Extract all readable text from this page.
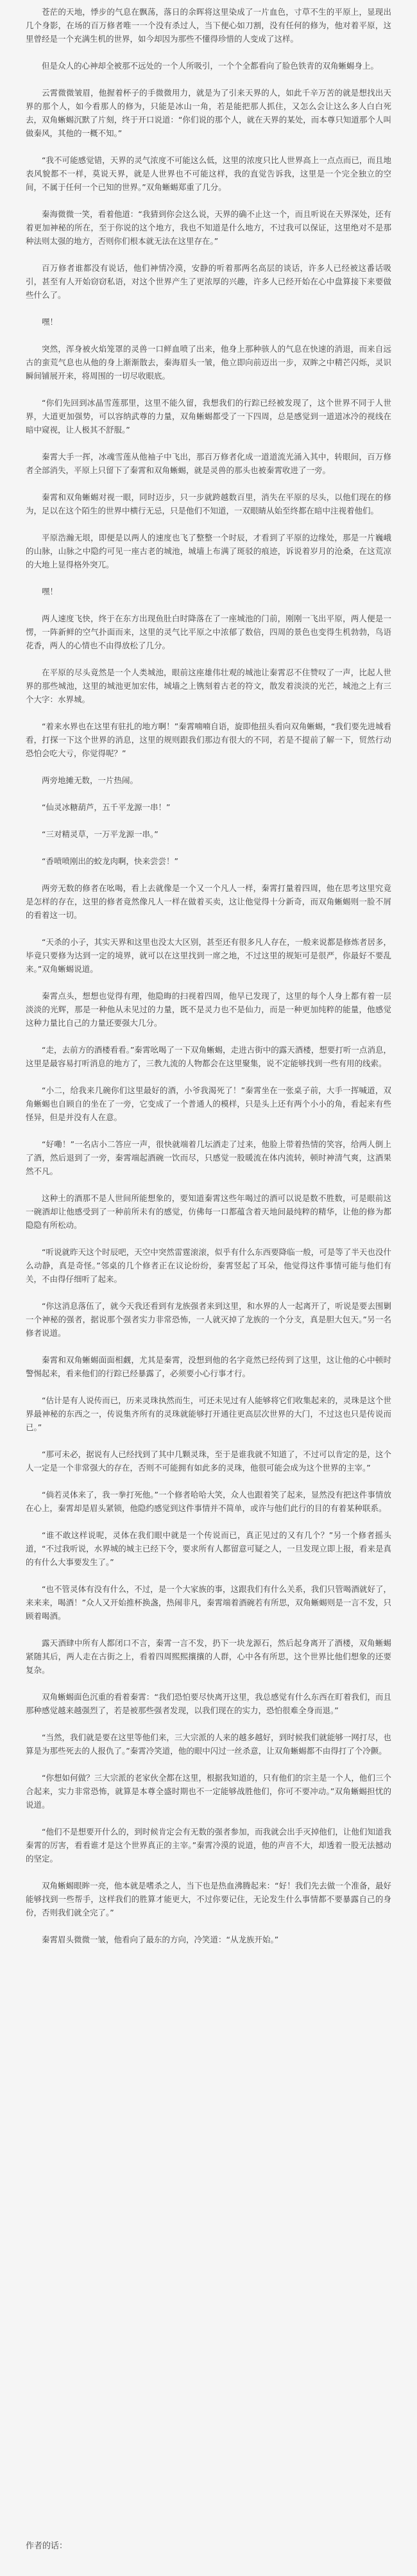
苍茫的天地，悸步的气息在飘荡，落日的余晖将这里染成了一片血色，寸草不生的平原上，显现出几个身影，在场的百万修者唯一一个没有杀过人，当下便心如刀割，没有任何的修为，他对着平原，这里曾经是一个充满生机的世界，如今却因为那些不懂得珍惜的人变成了这样。

但是众人的心神却全被那不远处的一个人所吸引，一个个全都看向了脸色铁青的双角蜥蜴身上。

云霄微微皱眉，他握着杯子的手微微用力，就是为了引来天界的人，如此千辛万苦的就是想找出天界的那个人，如今看那人的修为，只能是冰山一角，若是能把那人抓住，又怎么会让这么多人白白死去，双角蜥蜴沉默了片刻，终于开口说道：“你们说的那个人，就在天界的某处，而本尊只知道那个人叫做秦风，其他的一概不知。”

“我不可能感觉错，天界的灵气浓度不可能这么低，这里的浓度只比人世界高上一点点而已，而且地表风貌都不一样，莫说天界，就是人世界也不可能这样，我的直觉告诉我，这里是一个完全独立的空间，不属于任何一个已知的世界。”双角蜥蜴郑重了几分。

秦海微微一笑，看着他道：“我猜到你会这么说，天界的确不止这一个，而且听说在天界深处，还有着更加神秘的所在，至于你说的这个地方，我也不知道是什么地方，不过我可以保证，这里绝对不是那种法则太强的地方，否则你们根本就无法在这里存在。”

百万修者谁都没有说话，他们神情冷漠，安静的听着那两名高层的谈话，许多人已经被这番话吸引，甚至有人开始窃窃私语，对这个世界产生了更浓厚的兴趣，许多人已经开始在心中盘算接下来要做些什么了。

嘿！

突然，浑身被火焰笼罩的灵兽一口鲜血喷了出来，他身上那种骇人的气息在快速的消退，而来自远古的蛮荒气息也从他的身上渐渐散去，秦海眉头一皱，他立即向前迈出一步，双眸之中精芒闪烁，灵识瞬间铺展开来，将周围的一切尽收眼底。

“你们先回到冰晶雪莲那里，这里不能久留，我想我们的行踪已经被发现了，这个世界不同于人世界，大道更加强势，可以容纳武尊的力量，双角蜥蜴都受了一下四周，总是感觉到一道道冰冷的视线在暗中窥视，让人极其不舒服。”

秦霄大手一挥，冰魂雪莲从他袖子中飞出，那百万修者化成一道道流光涌入其中，转眼间，百万修者全部消失，平原上只留下了秦霄和双角蜥蜴，就是灵兽的那头也被秦霄收进了一旁。

秦霄和双角蜥蜴对视一眼，同时迈步，只一步就跨越数百里，消失在平原的尽头，以他们现在的修为，足以在这个陌生的世界中横行无忌，只是他们不知道，一双眼睛从始至终都在暗中注视着他们。

平原浩瀚无垠，即便是以两人的速度也飞了整整一个时辰，才看到了平原的边缘处，那是一片巍峨的山脉，山脉之中隐约可见一座古老的城池，城墙上布满了斑驳的痕迹，诉说着岁月的沧桑，在这荒凉的大地上显得格外突兀。

嘿！

两人速度飞快，终于在东方出现鱼肚白时降落在了一座城池的门前，刚刚一飞出平原，两人便是一愣，一阵新鲜的空气扑面而来，这里的灵气比平原之中浓郁了数倍，四周的景色也变得生机勃勃，鸟语花香，两人的心情也不由得放松了几分。

在平原的尽头竟然是一个人类城池，眼前这座雄伟壮观的城池让秦霄忍不住赞叹了一声，比起人世界的那些城池，这里的城池更加宏伟，城墙之上镌刻着古老的符文，散发着淡淡的光芒，城池之上有三个大字：水界城。

“着来水界也在这里有驻扎的地方啊！”秦霄喃喃自语，旋即他扭头看向双角蜥蜴，“我们要先进城看看，打探一下这个世界的消息，这里的规则跟我们那边有很大的不同，若是不提前了解一下，贸然行动恐怕会吃大亏，你觉得呢？”

两旁地摊无数，一片热闹。

“仙灵冰糖葫芦，五千平龙源一串！”

“三对精灵草，一万平龙源一串。”

“香喷喷刚出的蛟龙肉啊，快来尝尝！”

两旁无数的修者在吆喝，看上去就像是一个又一个凡人一样，秦霄打量着四周，他在思考这里究竟是怎样的存在，这里的修者竟然像凡人一样在做着买卖，这让他觉得十分新奇，而双角蜥蜴则一脸不屑的看着这一切。

“天杀的小子，其实天界和这里也没太大区别，甚至还有很多凡人存在，一般来说都是修炼者居多，毕竟只要修为达到一定的境界，就可以在这里找到一席之地，不过这里的规矩可是很严，你最好不要乱来。”双角蜥蜴说道。

秦霄点头，想想也觉得有理，他隐晦的扫视着四周，他早已发现了，这里的每个人身上都有着一层淡淡的光辉，那是一种他从未见过的力量，既不是灵力也不是仙力，而是一种更加纯粹的能量，他感觉这种力量比自己的力量还要强大几分。

“走，去前方的酒楼看看。”秦霄吆喝了一下双角蜥蜴，走进古街中的露天酒楼，想要打听一点消息，这里是最容易打听消息的地方了，三教九流的人物都会在这里聚集，说不定能够找到一些有用的线索。

“小二，给我来几碗你们这里最好的酒，小爷我渴死了！”秦霄坐在一张桌子前，大手一挥喊道，双角蜥蜴也自顾自的坐在了一旁，它变成了一个普通人的模样，只是头上还有两个小小的角，看起来有些怪异，但是并没有人在意。

“好嘞！”一名店小二答应一声，很快就端着几坛酒走了过来，他脸上带着热情的笑容，给两人倒上了酒，然后退到了一旁，秦霄端起酒碗一饮而尽，只感觉一股暖流在体内流转，顿时神清气爽，这酒果然不凡。

这种土的酒那不是人世间所能想象的，要知道秦霄这些年喝过的酒可以说是数不胜数，可是眼前这一碗酒却让他感受到了一种前所未有的感觉，仿佛每一口都蕴含着天地间最纯粹的精华，让他的修为都隐隐有所松动。

“听说就昨天这个时辰吧，天空中突然雷霆滚滚，似乎有什么东西要降临一般，可是等了半天也没什么动静，真是奇怪。”邻桌的几个修者正在议论纷纷，秦霄竖起了耳朵，他觉得这件事情可能与他们有关，不由得仔细听了起来。

“你这消息落伍了，就今天我还看到有龙族强者来到这里，和水界的人一起离开了，听说是要去围剿一个神秘的强者，据说那个强者实力非常恐怖，一人就灭掉了龙族的一个分支，真是胆大包天。”另一名修者说道。

秦霄和双角蜥蜴面面相觑，尤其是秦霄，没想到他的名字竟然已经传到了这里，这让他的心中顿时警惕起来，看来他们的行踪已经暴露了，必须要小心行事才行。

“估计是有人说传而已，历来灵珠执然而生，可还未见过有人能够将它们收集起来的，灵珠是这个世界最神秘的东西之一，传说集齐所有的灵珠就能够打开通往更高层次世界的大门，不过这也只是传说而已。”

“那可未必，据说有人已经找到了其中几颗灵珠，至于是谁我就不知道了，不过可以肯定的是，这个人一定是一个非常强大的存在，否则不可能拥有如此多的灵珠，他很可能会成为这个世界的主宰。”

“倘若灵体来了，我一拳打死他。”一个修者哈哈大笑，众人也跟着笑了起来，显然没有把这件事情放在心上，秦霄却是眉头紧锁，他隐约感觉到这件事情并不简单，或许与他们此行的目的有着某种联系。

“谁不敢这样说呢，灵体在我们眼中就是一个传说而已，真正见过的又有几个？”另一个修者摇头道，“不过我听说，水界城的城主已经下令，要求所有人都留意可疑之人，一旦发现立即上报，看来是真的有什么大事要发生了。”

“也不管灵体有没有什么，不过，是一个大家族的事，这跟我们有什么关系，我们只管喝酒就好了，来来来，喝酒！”众人又开始推杯换盏，热闹非凡，秦霄端着酒碗若有所思，双角蜥蜴则是一言不发，只顾着喝酒。

露天酒肆中所有人都闭口不言，秦霄一言不发，扔下一块龙源石，然后起身离开了酒楼，双角蜥蜴紧随其后，两人走在古街之上，看着四周熙熙攘攘的人群，心中各有所思，这个世界比他们想象的还要复杂。

双角蜥蜴面色沉重的看着秦霄：“我们恐怕要尽快离开这里，我总感觉有什么东西在盯着我们，而且那种感觉越来越强烈了，若是被那些强者发现，以我们现在的实力，恐怕很难全身而退。”

“当然，我们就是要在这里等他们来，三大宗派的人来的越多越好，到时候我们就能够一网打尽，也算是为那些死去的人报仇了。”秦霄冷笑道，他的眼中闪过一丝杀意，让双角蜥蜴都不由得打了个冷颤。

“你想如何做？三大宗派的老家伙全都在这里，根据我知道的，只有他们的宗主是一个人，他们三个合起来，实力非常恐怖，就算是本尊全盛时期也不一定能够战胜他们，你可不要冲动。”双角蜥蜴担忧的说道。

“他们不是想要开什么的，到时候肯定会有无数的强者参加，而我就会出手灭掉他们，让他们知道我秦霄的厉害，看看谁才是这个世界真正的主宰。”秦霄冷漠的说道，他的声音不大，却透着一股无法撼动的坚定。

双角蜥蜴眼眸一亮，他本就是嗜杀之人，当下也是热血沸腾起来：“好！我们先去做一个准备，最好能够找到一些帮手，这样我们的胜算才能更大，不过你要记住，无论发生什么事情都不要暴露自己的身份，否则我们就全完了。”

秦霄眉头微微一皱，他看向了最东的方向，冷笑道：“从龙族开始。”

作者的话：
